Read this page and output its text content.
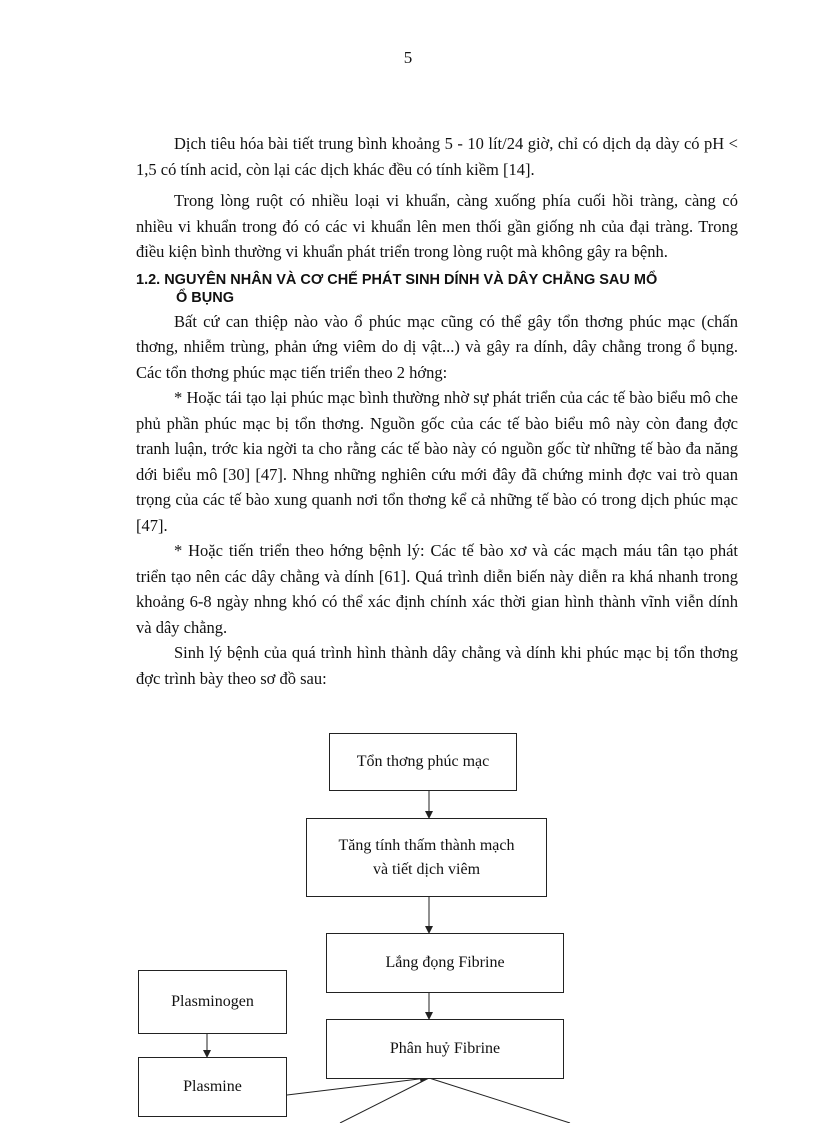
5

Dịch tiêu hóa bài tiết trung bình khoảng 5 - 10 lít/24 giờ, chỉ có dịch dạ dày có pH < 1,5 có tính acid, còn lại các dịch khác đều có tính kiềm [14].

Trong lòng ruột có nhiều loại vi khuẩn, càng xuống phía cuối hồi tràng, càng có nhiều vi khuẩn trong đó có các vi khuẩn lên men thối gần giống nh của đại tràng. Trong điều kiện bình thường vi khuẩn phát triển trong lòng ruột mà không gây ra bệnh.

1.2. NGUYÊN NHÂN VÀ CƠ CHẾ PHÁT SINH DÍNH VÀ DÂY CHẰNG SAU MỔ
Ổ BỤNG

Bất cứ can thiệp nào vào ổ phúc mạc cũng có thể gây tổn thơng phúc mạc (chấn thơng, nhiễm trùng, phản ứng viêm do dị vật...) và gây ra dính, dây chằng trong ổ bụng. Các tổn thơng phúc mạc tiến triển theo 2 hớng:

* Hoặc tái tạo lại phúc mạc bình thường nhờ sự phát triển của các tế bào biểu mô che phủ phần phúc mạc bị tổn thơng. Nguồn gốc của các tế bào biểu mô này còn đang đợc tranh luận, trớc kia ngời ta cho rằng các tế bào này có nguồn gốc từ những tế bào đa năng dới biểu mô [30] [47]. Nhng những nghiên cứu mới đây đã chứng minh đợc vai trò quan trọng của các tế bào xung quanh nơi tổn thơng kể cả những tế bào có trong dịch phúc mạc [47].

* Hoặc tiến triển theo hớng bệnh lý: Các tế bào xơ và các mạch máu tân tạo phát triển tạo nên các dây chằng và dính [61]. Quá trình diễn biến này diễn ra khá nhanh trong khoảng 6-8 ngày nhng khó có thể xác định chính xác thời gian hình thành vĩnh viễn dính và dây chằng.

Sinh lý bệnh của quá trình hình thành dây chằng và dính khi phúc mạc bị tổn thơng đợc trình bày theo sơ đồ sau:

Tổn thơng phúc mạc
Tăng tính thấm thành mạch
và tiết dịch viêm
Lắng đọng Fibrine
Phân huỷ Fibrine
Plasminogen
Plasmine
